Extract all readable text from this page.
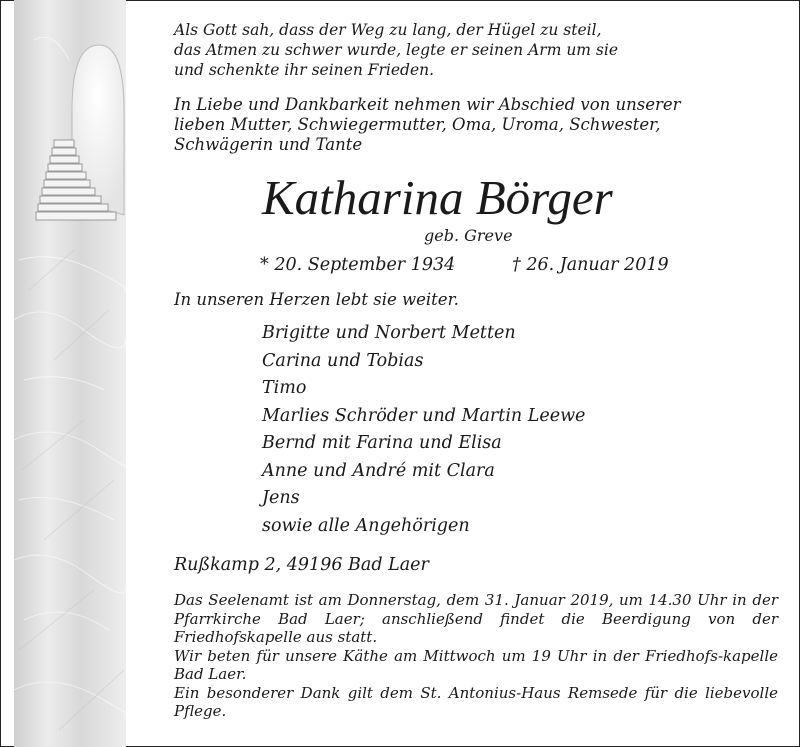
Als Gott sah, dass der Weg zu lang, der Hügel zu steil,
das Atmen zu schwer wurde, legte er seinen Arm um sie
und schenkte ihr seinen Frieden.
In Liebe und Dankbarkeit nehmen wir Abschied von unserer
lieben Mutter, Schwiegermutter, Oma, Uroma, Schwester,
Schwägerin und Tante
Katharina Börger
geb. Greve
* 20. September 1934	† 26. Januar 2019
In unseren Herzen lebt sie weiter.
Brigitte und Norbert Metten
Carina und Tobias
Timo
Marlies Schröder und Martin Leewe
Bernd mit Farina und Elisa
Anne und André mit Clara
Jens
sowie alle Angehörigen
Rußkamp 2, 49196 Bad Laer

Das Seelenamt ist am Donnerstag, dem 31. Januar 2019, um 14.30 Uhr in der Pfarrkirche Bad Laer; anschließend findet die Beerdigung von der Friedhofskapelle aus statt.

Wir beten für unsere Käthe am Mittwoch um 19 Uhr in der Friedhofs-kapelle Bad Laer.

Ein besonderer Dank gilt dem St. Antonius-Haus Remsede für die liebevolle Pflege.
